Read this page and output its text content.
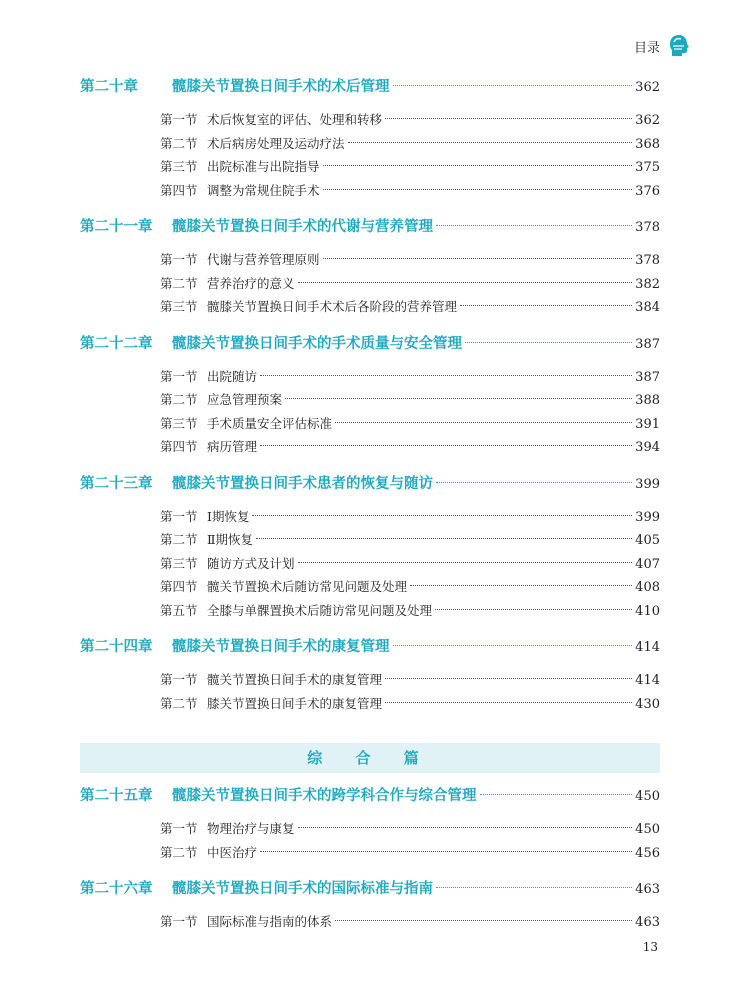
目录
第二十章	髋膝关节置换日间手术的术后管理	362
第一节 术后恢复室的评估、处理和转移	362
第二节 术后病房处理及运动疗法	368
第三节 出院标准与出院指导	375
第四节 调整为常规住院手术	376
第二十一章	髋膝关节置换日间手术的代谢与营养管理	378
第一节 代谢与营养管理原则	378
第二节 营养治疗的意义	382
第三节 髋膝关节置换日间手术术后各阶段的营养管理	384
第二十二章	髋膝关节置换日间手术的手术质量与安全管理	387
第一节 出院随访	387
第二节 应急管理预案	388
第三节 手术质量安全评估标准	391
第四节 病历管理	394
第二十三章	髋膝关节置换日间手术患者的恢复与随访	399
第一节 Ⅰ期恢复	399
第二节 Ⅱ期恢复	405
第三节 随访方式及计划	407
第四节 髋关节置换术后随访常见问题及处理	408
第五节 全膝与单髁置换术后随访常见问题及处理	410
第二十四章	髋膝关节置换日间手术的康复管理	414
第一节 髋关节置换日间手术的康复管理	414
第二节 膝关节置换日间手术的康复管理	430
综 合 篇
第二十五章	髋膝关节置换日间手术的跨学科合作与综合管理	450
第一节 物理治疗与康复	450
第二节 中医治疗	456
第二十六章	髋膝关节置换日间手术的国际标准与指南	463
第一节 国际标准与指南的体系	463
13
